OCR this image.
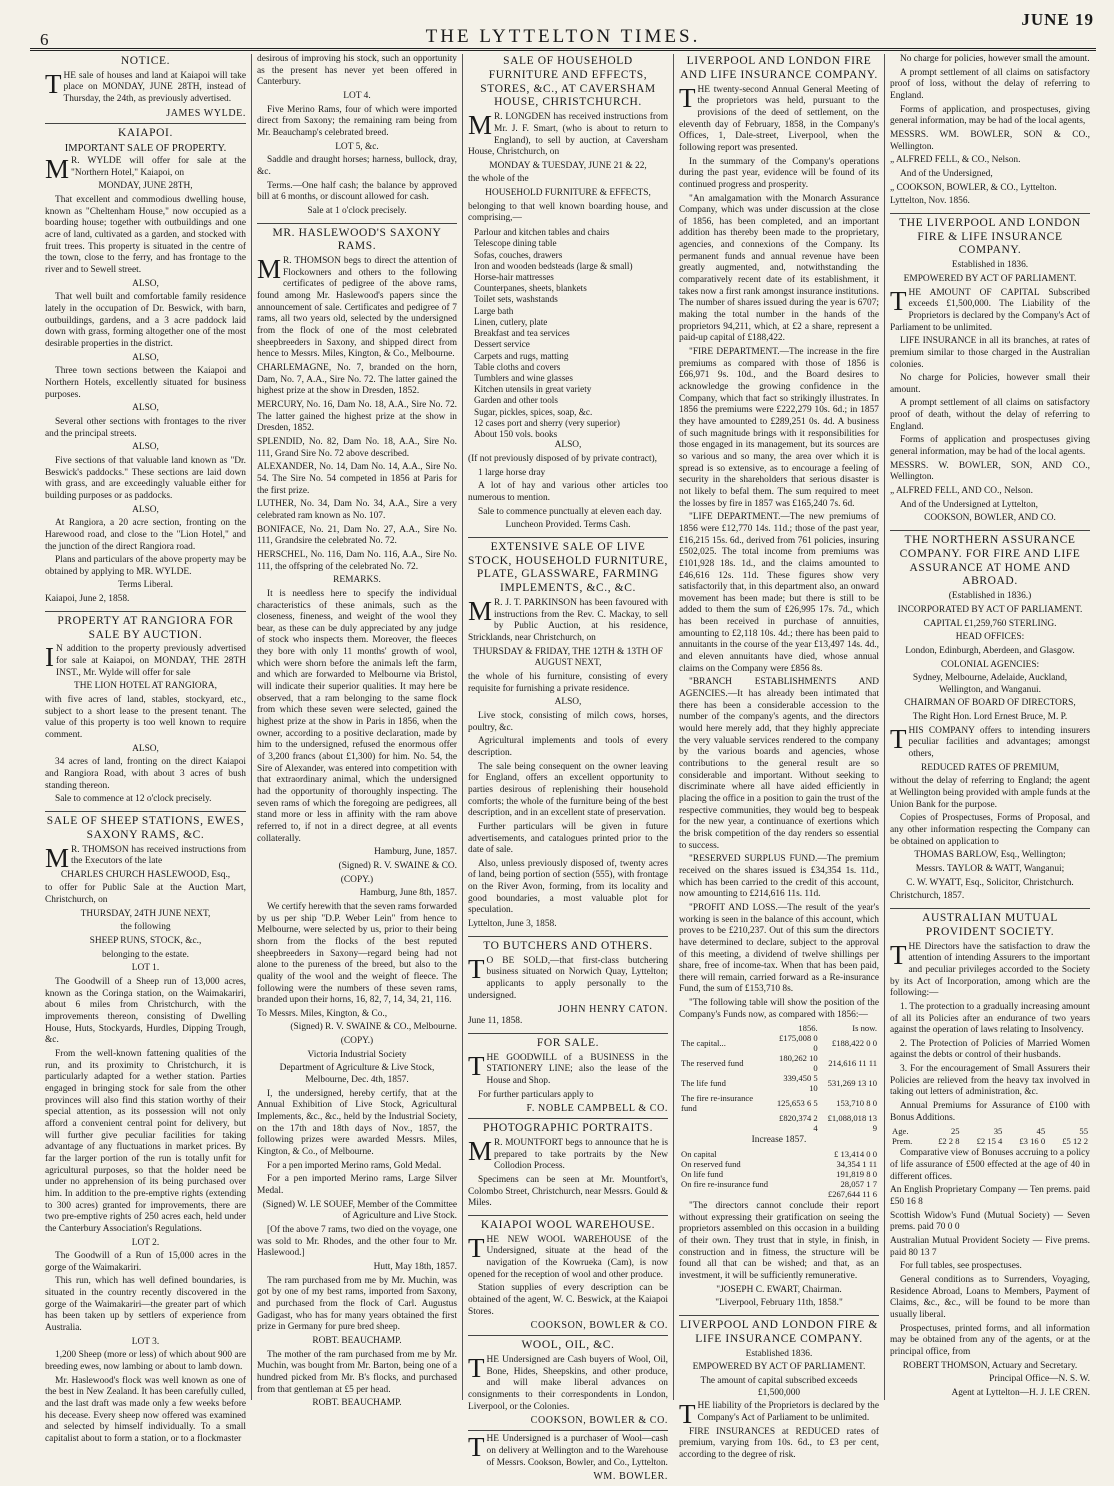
6	THE LYTTELTON TIMES.
JUNE 19
NOTICE.

THE sale of houses and land at Kaiapoi will take place on MONDAY, JUNE 28TH, instead of Thursday, the 24th, as previously advertised.

JAMES WYLDE.
KAIAPOI.
IMPORTANT SALE OF PROPERTY.

MR. WYLDE will offer for sale at the "Northern Hotel," Kaiapoi, on

MONDAY, JUNE 28TH,

That excellent and commodious dwelling house, known as "Cheltenham House," now occupied as a boarding house; together with outbuildings and one acre of land, cultivated as a garden, and stocked with fruit trees. This property is situated in the centre of the town, close to the ferry, and has frontage to the river and to Sewell street.

ALSO,

That well built and comfortable family residence lately in the occupation of Dr. Beswick, with barn, outbuildings, gardens, and a 3 acre paddock laid down with grass, forming altogether one of the most desirable properties in the district.

ALSO,

Three town sections between the Kaiapoi and Northern Hotels, excellently situated for business purposes.

ALSO,

Several other sections with frontages to the river and the principal streets.

ALSO,

Five sections of that valuable land known as "Dr. Beswick's paddocks." These sections are laid down with grass, and are exceedingly valuable either for building purposes or as paddocks.

ALSO,

At Rangiora, a 20 acre section, fronting on the Harewood road, and close to the "Lion Hotel," and the junction of the direct Rangiora road.

Plans and particulars of the above property may be obtained by applying to MR. WYLDE.

Terms Liberal.

Kaiapoi, June 2, 1858.

PROPERTY AT RANGIORA FOR SALE BY AUCTION.

IN addition to the property previously advertised for sale at Kaiapoi, on MONDAY, THE 28TH INST., Mr. Wylde will offer for sale

THE LION HOTEL AT RANGIORA,

with five acres of land, stables, stockyard, etc., subject to a short lease to the present tenant. The value of this property is too well known to require comment.

ALSO,

34 acres of land, fronting on the direct Kaiapoi and Rangiora Road, with about 3 acres of bush standing thereon.

Sale to commence at 12 o'clock precisely.

SALE OF SHEEP STATIONS, EWES, SAXONY RAMS, &C.

MR. THOMSON has received instructions from the Executors of the late

CHARLES CHURCH HASLEWOOD, Esq.,

to offer for Public Sale at the Auction Mart, Christchurch, on

THURSDAY, 24TH JUNE NEXT,

the following

SHEEP RUNS, STOCK, &c.,

belonging to the estate.

LOT 1.

The Goodwill of a Sheep run of 13,000 acres, known as the Coringa station, on the Waimakariri, about 6 miles from Christchurch, with the improvements thereon, consisting of Dwelling House, Huts, Stockyards, Hurdles, Dipping Trough, &c.

From the well-known fattening qualities of the run, and its proximity to Christchurch, it is particularly adapted for a wether station. Parties engaged in bringing stock for sale from the other provinces will also find this station worthy of their special attention, as its possession will not only afford a convenient central point for delivery, but will further give peculiar facilities for taking advantage of any fluctuations in market prices. By far the larger portion of the run is totally unfit for agricultural purposes, so that the holder need be under no apprehension of its being purchased over him. In addition to the pre-emptive rights (extending to 300 acres) granted for improvements, there are two pre-emptive rights of 250 acres each, held under the Canterbury Association's Regulations.

LOT 2.

The Goodwill of a Run of 15,000 acres in the gorge of the Waimakariri.

This run, which has well defined boundaries, is situated in the country recently discovered in the gorge of the Waimakariri—the greater part of which has been taken up by settlers of experience from Australia.

LOT 3.

1,200 Sheep (more or less) of which about 900 are breeding ewes, now lambing or about to lamb down.

Mr. Haslewood's flock was well known as one of the best in New Zealand. It has been carefully culled, and the last draft was made only a few weeks before his decease. Every sheep now offered was examined and selected by himself individually. To a small capitalist about to form a station, or to a flockmaster

desirous of improving his stock, such an opportunity as the present has never yet been offered in Canterbury.

LOT 4.

Five Merino Rams, four of which were imported direct from Saxony; the remaining ram being from Mr. Beauchamp's celebrated breed.

LOT 5, &c.

Saddle and draught horses; harness, bullock, dray, &c.

Terms.—One half cash; the balance by approved bill at 6 months, or discount allowed for cash.

Sale at 1 o'clock precisely.

MR. HASLEWOOD'S SAXONY RAMS.

MR. THOMSON begs to direct the attention of Flockowners and others to the following certificates of pedigree of the above rams, found among Mr. Haslewood's papers since the announcement of sale. Certificates and pedigree of 7 rams, all two years old, selected by the undersigned from the flock of one of the most celebrated sheepbreeders in Saxony, and shipped direct from hence to Messrs. Miles, Kington, & Co., Melbourne.

CHARLEMAGNE, No. 7, branded on the horn, Dam, No. 7, A.A., Sire No. 72. The latter gained the highest prize at the show in Dresden, 1852.

MERCURY, No. 16, Dam No. 18, A.A., Sire No. 72. The latter gained the highest prize at the show in Dresden, 1852.

SPLENDID, No. 82, Dam No. 18, A.A., Sire No. 111, Grand Sire No. 72 above described.

ALEXANDER, No. 14, Dam No. 14, A.A., Sire No. 54. The Sire No. 54 competed in 1856 at Paris for the first prize.

LUTHER, No. 34, Dam No. 34, A.A., Sire a very celebrated ram known as No. 107.

BONIFACE, No. 21, Dam No. 27, A.A., Sire No. 111, Grandsire the celebrated No. 72.

HERSCHEL, No. 116, Dam No. 116, A.A., Sire No. 111, the offspring of the celebrated No. 72.

REMARKS.

It is needless here to specify the individual characteristics of these animals, such as the closeness, fineness, and weight of the wool they bear, as these can be duly appreciated by any judge of stock who inspects them. Moreover, the fleeces they bore with only 11 months' growth of wool, which were shorn before the animals left the farm, and which are forwarded to Melbourne via Bristol, will indicate their superior qualities. It may here be observed, that a ram belonging to the same flock from which these seven were selected, gained the highest prize at the show in Paris in 1856, when the owner, according to a positive declaration, made by him to the undersigned, refused the enormous offer of 3,200 francs (about £1,300) for him. No. 54, the Sire of Alexander, was entered into competition with that extraordinary animal, which the undersigned had the opportunity of thoroughly inspecting. The seven rams of which the foregoing are pedigrees, all stand more or less in affinity with the ram above referred to, if not in a direct degree, at all events collaterally.

Hamburg, June, 1857.

(Signed) R. V. SWAINE & CO.

(COPY.)

Hamburg, June 8th, 1857.

We certify herewith that the seven rams forwarded by us per ship "D.P. Weber Lein" from hence to Melbourne, were selected by us, prior to their being shorn from the flocks of the best reputed sheepbreeders in Saxony—regard being had not alone to the pureness of the breed, but also to the quality of the wool and the weight of fleece. The following were the numbers of these seven rams, branded upon their horns, 16, 82, 7, 14, 34, 21, 116.

To Messrs. Miles, Kington, & Co.,

(Signed) R. V. SWAINE & CO., Melbourne.

(COPY.)

Victoria Industrial Society

Department of Agriculture & Live Stock, Melbourne, Dec. 4th, 1857.

I, the undersigned, hereby certify, that at the Annual Exhibition of Live Stock, Agricultural Implements, &c., &c., held by the Industrial Society, on the 17th and 18th days of Nov., 1857, the following prizes were awarded Messrs. Miles, Kington, & Co., of Melbourne.

For a pen imported Merino rams, Gold Medal.

For a pen imported Merino rams, Large Silver Medal.

(Signed) W. LE SOUEF, Member of the Committee of Agriculture and Live Stock.

[Of the above 7 rams, two died on the voyage, one was sold to Mr. Rhodes, and the other four to Mr. Haslewood.]

Hutt, May 18th, 1857.

The ram purchased from me by Mr. Muchin, was got by one of my best rams, imported from Saxony, and purchased from the flock of Carl. Augustus Gadigast, who has for many years obtained the first prize in Germany for pure bred sheep.

ROBT. BEAUCHAMP.

The mother of the ram purchased from me by Mr. Muchin, was bought from Mr. Barton, being one of a hundred picked from Mr. B's flocks, and purchased from that gentleman at £5 per head.

ROBT. BEAUCHAMP.

SALE OF HOUSEHOLD FURNITURE AND EFFECTS, STORES, &C., AT CAVERSHAM HOUSE, CHRISTCHURCH.

MR. LONGDEN has received instructions from Mr. J. F. Smart, (who is about to return to England), to sell by auction, at Caversham House, Christchurch, on

MONDAY & TUESDAY, JUNE 21 & 22,

the whole of the

HOUSEHOLD FURNITURE & EFFECTS,

belonging to that well known boarding house, and comprising,—

Parlour and kitchen tables and chairs
Telescope dining table
Sofas, couches, drawers
Iron and wooden bedsteads (large & small)
Horse-hair mattresses
Counterpanes, sheets, blankets
Toilet sets, washstands
Large bath
Linen, cutlery, plate
Breakfast and tea services
Dessert service
Carpets and rugs, matting
Table cloths and covers
Tumblers and wine glasses
Kitchen utensils in great variety
Garden and other tools
Sugar, pickles, spices, soap, &c.
12 cases port and sherry (very superior)
About 150 vols. books

ALSO,

(If not previously disposed of by private contract),

1 large horse dray

A lot of hay and various other articles too numerous to mention.

Sale to commence punctually at eleven each day.

Luncheon Provided. Terms Cash.

EXTENSIVE SALE OF LIVE STOCK, HOUSEHOLD FURNITURE, PLATE, GLASSWARE, FARMING IMPLEMENTS, &C., &C.

MR. J. T. PARKINSON has been favoured with instructions from the Rev. C. Mackay, to sell by Public Auction, at his residence, Stricklands, near Christchurch, on

THURSDAY & FRIDAY, THE 12TH & 13TH OF AUGUST NEXT,

the whole of his furniture, consisting of every requisite for furnishing a private residence.

ALSO,

Live stock, consisting of milch cows, horses, poultry, &c.

Agricultural implements and tools of every description.

The sale being consequent on the owner leaving for England, offers an excellent opportunity to parties desirous of replenishing their household comforts; the whole of the furniture being of the best description, and in an excellent state of preservation.

Further particulars will be given in future advertisements, and catalogues printed prior to the date of sale.

Also, unless previously disposed of, twenty acres of land, being portion of section (555), with frontage on the River Avon, forming, from its locality and good boundaries, a most valuable plot for speculation.

Lyttelton, June 3, 1858.

TO BUTCHERS AND OTHERS.

TO BE SOLD,—that first-class butchering business situated on Norwich Quay, Lyttelton; applicants to apply personally to the undersigned.

JOHN HENRY CATON.

June 11, 1858.

FOR SALE.

THE GOODWILL of a BUSINESS in the STATIONERY LINE; also the lease of the House and Shop.

For further particulars apply to

F. NOBLE CAMPBELL & CO.
PHOTOGRAPHIC PORTRAITS.

MR. MOUNTFORT begs to announce that he is prepared to take portraits by the New Collodion Process.

Specimens can be seen at Mr. Mountfort's, Colombo Street, Christchurch, near Messrs. Gould & Miles.

KAIAPOI WOOL WAREHOUSE.

THE NEW WOOL WAREHOUSE of the Undersigned, situate at the head of the navigation of the Kowrueka (Cam), is now opened for the reception of wool and other produce.

Station supplies of every description can be obtained of the agent, W. C. Beswick, at the Kaiapoi Stores.

COOKSON, BOWLER & CO.
WOOL, OIL, &C.

THE Undersigned are Cash buyers of Wool, Oil, Bone, Hides, Sheepskins, and other produce, and will make liberal advances on consignments to their correspondents in London, Liverpool, or the Colonies.

COOKSON, BOWLER & CO.

THE Undersigned is a purchaser of Wool—cash on delivery at Wellington and to the Warehouse of Messrs. Cookson, Bowler, and Co., Lyttelton.

WM. BOWLER.
LIVERPOOL AND LONDON FIRE AND LIFE INSURANCE COMPANY.

THE twenty-second Annual General Meeting of the proprietors was held, pursuant to the provisions of the deed of settlement, on the eleventh day of February, 1858, in the Company's Offices, 1, Dale-street, Liverpool, when the following report was presented.

In the summary of the Company's operations during the past year, evidence will be found of its continued progress and prosperity.

"An amalgamation with the Monarch Assurance Company, which was under discussion at the close of 1856, has been completed, and an important addition has thereby been made to the proprietary, agencies, and connexions of the Company. Its permanent funds and annual revenue have been greatly augmented, and, notwithstanding the comparatively recent date of its establishment, it takes now a first rank amongst insurance institutions. The number of shares issued during the year is 6707; making the total number in the hands of the proprietors 94,211, which, at £2 a share, represent a paid-up capital of £188,422.

"FIRE DEPARTMENT.—The increase in the fire premiums as compared with those of 1856 is £66,971 9s. 10d., and the Board desires to acknowledge the growing confidence in the Company, which that fact so strikingly illustrates. In 1856 the premiums were £222,279 10s. 6d.; in 1857 they have amounted to £289,251 0s. 4d. A business of such magnitude brings with it responsibilities for those engaged in its management, but its sources are so various and so many, the area over which it is spread is so extensive, as to encourage a feeling of security in the shareholders that serious disaster is not likely to befal them. The sum required to meet the losses by fire in 1857 was £165,240 7s. 6d.

"LIFE DEPARTMENT.—The new premiums of 1856 were £12,770 14s. 11d.; those of the past year, £16,215 15s. 6d., derived from 761 policies, insuring £502,025. The total income from premiums was £101,928 18s. 1d., and the claims amounted to £46,616 12s. 11d. These figures show very satisfactorily that, in this department also, an onward movement has been made; but there is still to be added to them the sum of £26,995 17s. 7d., which has been received in purchase of annuities, amounting to £2,118 10s. 4d.; there has been paid to annuitants in the course of the year £13,497 14s. 4d., and eleven annuitants have died, whose annual claims on the Company were £856 8s.

"BRANCH ESTABLISHMENTS AND AGENCIES.—It has already been intimated that there has been a considerable accession to the number of the company's agents, and the directors would here merely add, that they highly appreciate the very valuable services rendered to the company by the various boards and agencies, whose contributions to the general result are so considerable and important. Without seeking to discriminate where all have aided efficiently in placing the office in a position to gain the trust of the respective communities, they would beg to bespeak for the new year, a continuance of exertions which the brisk competition of the day renders so essential to success.

"RESERVED SURPLUS FUND.—The premium received on the shares issued is £34,354 1s. 11d., which has been carried to the credit of this account, now amounting to £214,616 11s. 11d.

"PROFIT AND LOSS.—The result of the year's working is seen in the balance of this account, which proves to be £210,237. Out of this sum the directors have determined to declare, subject to the approval of this meeting, a dividend of twelve shillings per share, free of income-tax. When that has been paid, there will remain, carried forward as a Re-insurance Fund, the sum of £153,710 8s.

"The following table will show the position of the Company's Funds now, as compared with 1856:—

	1856.	Is now.
The capital...	£175,008 0 0	£188,422 0 0
The reserved fund	180,262 10 0	214,616 11 11
The life fund	339,450 5 10	531,269 13 10
The fire re-insurance fund	125,653 6 5	153,710 8 0
	£820,374 2 4	£1,088,018 13 9

Increase 1857.

On capital	£ 13,414 0 0
On reserved fund	34,354 1 11
On life fund	191,819 8 0
On fire re-insurance fund	28,057 1 7
	£267,644 11 6

"The directors cannot conclude their report without expressing their gratification on seeing the proprietors assembled on this occasion in a building of their own. They trust that in style, in finish, in construction and in fitness, the structure will be found all that can be wished; and that, as an investment, it will be sufficiently remunerative.

"JOSEPH C. EWART, Chairman.

"Liverpool, February 11th, 1858."

LIVERPOOL AND LONDON FIRE & LIFE INSURANCE COMPANY.

Established 1836.

EMPOWERED BY ACT OF PARLIAMENT.

The amount of capital subscribed exceeds £1,500,000

THE liability of the Proprietors is declared by the Company's Act of Parliament to be unlimited.

FIRE INSURANCES at REDUCED rates of premium, varying from 10s. 6d., to £3 per cent, according to the degree of risk.

No charge for policies, however small the amount.

A prompt settlement of all claims on satisfactory proof of loss, without the delay of referring to England.

Forms of application, and prospectuses, giving general information, may be had of the local agents,

MESSRS. WM. BOWLER, SON & CO., Wellington.

„ ALFRED FELL, & CO., Nelson.

And of the Undersigned,

„ COOKSON, BOWLER, & CO., Lyttelton.

Lyttelton, Nov. 1856.

THE LIVERPOOL AND LONDON FIRE & LIFE INSURANCE COMPANY.

Established in 1836.

EMPOWERED BY ACT OF PARLIAMENT.

THE AMOUNT OF CAPITAL Subscribed exceeds £1,500,000. The Liability of the Proprietors is declared by the Company's Act of Parliament to be unlimited.

LIFE INSURANCE in all its branches, at rates of premium similar to those charged in the Australian colonies.

No charge for Policies, however small their amount.

A prompt settlement of all claims on satisfactory proof of death, without the delay of referring to England.

Forms of application and prospectuses giving general information, may be had of the local agents.

MESSRS. W. BOWLER, SON, AND CO., Wellington.

„ ALFRED FELL, AND CO., Nelson.

And of the Undersigned at Lyttelton,

COOKSON, BOWLER, AND CO.

THE NORTHERN ASSURANCE COMPANY. FOR FIRE AND LIFE ASSURANCE AT HOME AND ABROAD.

(Established in 1836.)

INCORPORATED BY ACT OF PARLIAMENT.

CAPITAL £1,259,760 STERLING.

HEAD OFFICES:

London, Edinburgh, Aberdeen, and Glasgow.

COLONIAL AGENCIES:

Sydney, Melbourne, Adelaide, Auckland, Wellington, and Wanganui.

CHAIRMAN OF BOARD OF DIRECTORS,

The Right Hon. Lord Ernest Bruce, M. P.

THIS COMPANY offers to intending insurers peculiar facilities and advantages; amongst others,

REDUCED RATES OF PREMIUM,

without the delay of referring to England; the agent at Wellington being provided with ample funds at the Union Bank for the purpose.

Copies of Prospectuses, Forms of Proposal, and any other information respecting the Company can be obtained on application to

THOMAS BARLOW, Esq., Wellington;

Messrs. TAYLOR & WATT, Wanganui;

C. W. WYATT, Esq., Solicitor, Christchurch.

Christchurch, 1857.

AUSTRALIAN MUTUAL PROVIDENT SOCIETY.

THE Directors have the satisfaction to draw the attention of intending Assurers to the important and peculiar privileges accorded to the Society by its Act of Incorporation, among which are the following:—

1. The protection to a gradually increasing amount of all its Policies after an endurance of two years against the operation of laws relating to Insolvency.

2. The Protection of Policies of Married Women against the debts or control of their husbands.

3. For the encouragement of Small Assurers their Policies are relieved from the heavy tax involved in taking out letters of administration, &c.

Annual Premiums for Assurance of £100 with Bonus Additions.

Age.	25	35	45	55
Prem.	£2 2 8	£2 15 4	£3 16 0	£5 12 2

Comparative view of Bonuses accruing to a policy of life assurance of £500 effected at the age of 40 in different offices.

An English Proprietary Company — Ten prems. paid £50 16 8

Scottish Widow's Fund (Mutual Society) — Seven prems. paid 70 0 0

Australian Mutual Provident Society — Five prems. paid 80 13 7

For full tables, see prospectuses.

General conditions as to Surrenders, Voyaging, Residence Abroad, Loans to Members, Payment of Claims, &c., &c., will be found to be more than usually liberal.

Prospectuses, printed forms, and all information may be obtained from any of the agents, or at the principal office, from

ROBERT THOMSON, Actuary and Secretary.

Principal Office—N. S. W.

Agent at Lyttelton—H. J. LE CREN.
